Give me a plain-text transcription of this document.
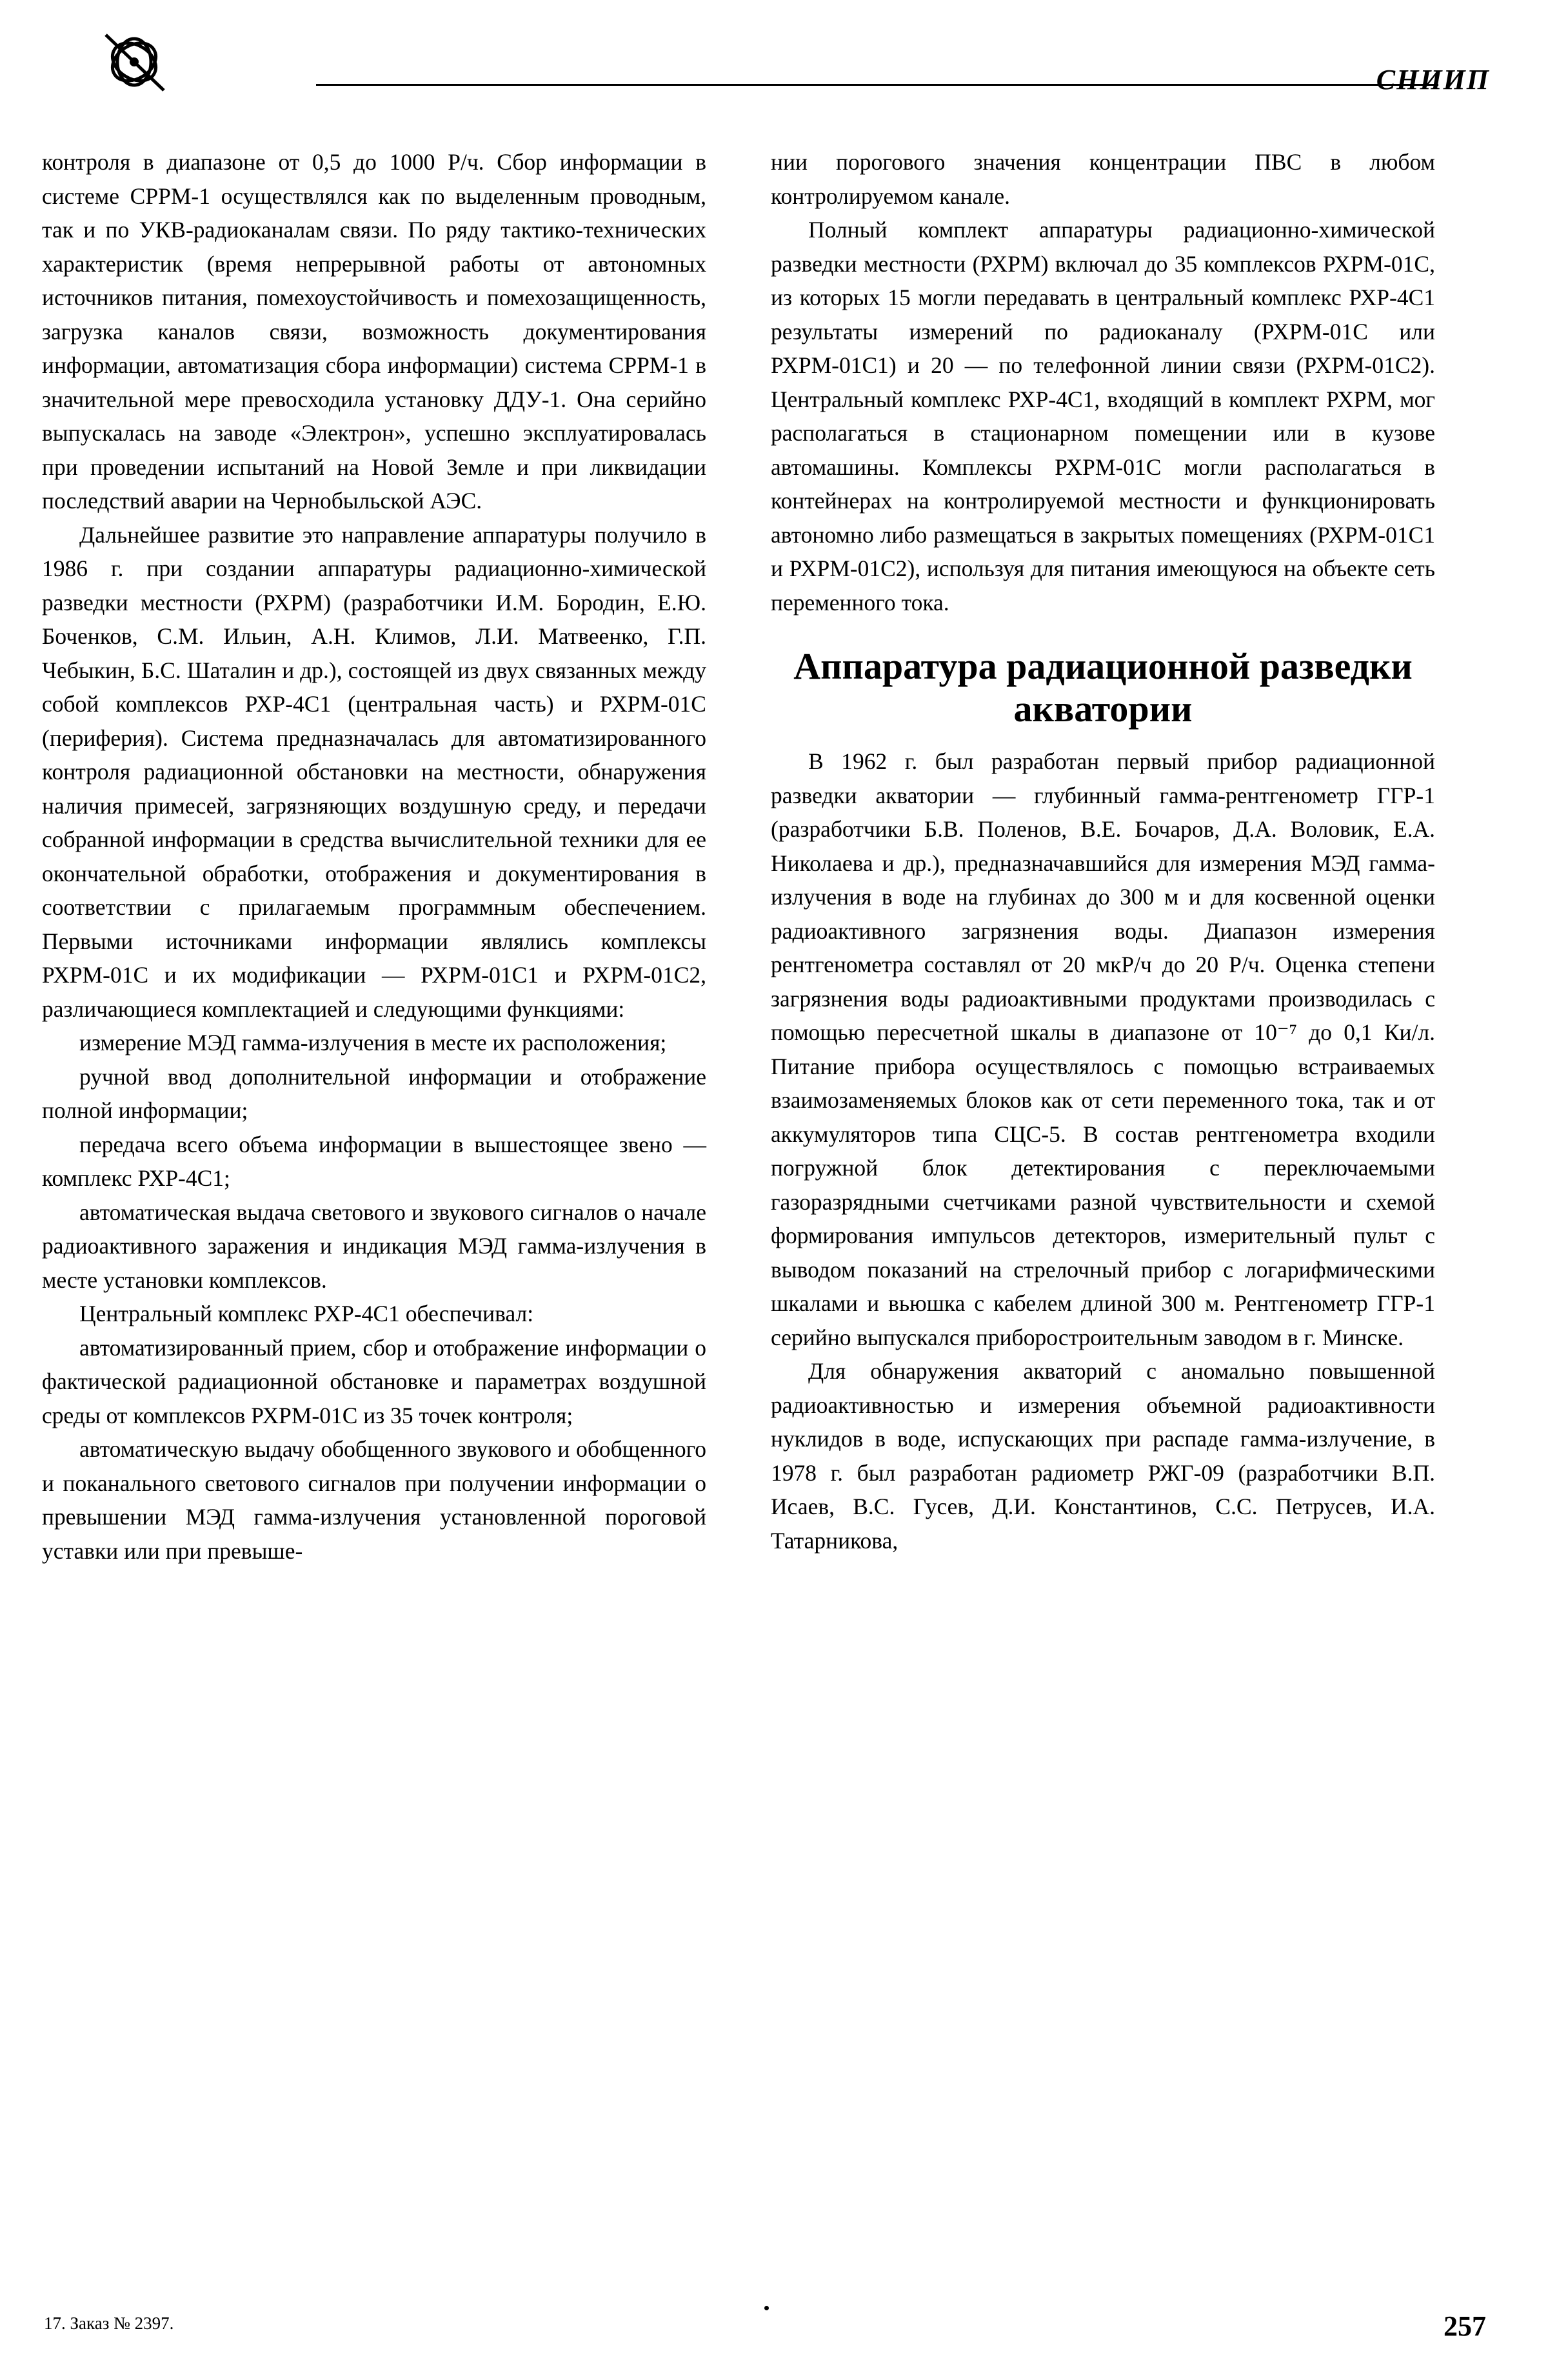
СНИИП

контроля в диапазоне от 0,5 до 1000 Р/ч. Сбор информации в системе СРРМ-1 осуществлялся как по выделенным проводным, так и по УКВ-радиоканалам связи. По ряду тактико-технических характеристик (время непрерывной работы от автономных источников питания, помехоустойчивость и помехозащищенность, загрузка каналов связи, возможность документирования информации, автоматизация сбора информации) система СРРМ-1 в значительной мере превосходила установку ДДУ-1. Она серийно выпускалась на заводе «Электрон», успешно эксплуатировалась при проведении испытаний на Новой Земле и при ликвидации последствий аварии на Чернобыльской АЭС.

Дальнейшее развитие это направление аппаратуры получило в 1986 г. при создании аппаратуры радиационно-химической разведки местности (РХРМ) (разработчики И.М. Бородин, Е.Ю. Боченков, С.М. Ильин, А.Н. Климов, Л.И. Матвеенко, Г.П. Чебыкин, Б.С. Шаталин и др.), состоящей из двух связанных между собой комплексов РХР-4С1 (центральная часть) и РХРМ-01С (периферия). Система предназначалась для автоматизированного контроля радиационной обстановки на местности, обнаружения наличия примесей, загрязняющих воздушную среду, и передачи собранной информации в средства вычислительной техники для ее окончательной обработки, отображения и документирования в соответствии с прилагаемым программным обеспечением. Первыми источниками информации являлись комплексы РХРМ-01С и их модификации — РХРМ-01С1 и РХРМ-01С2, различающиеся комплектацией и следующими функциями:

измерение МЭД гамма-излучения в месте их расположения;

ручной ввод дополнительной информации и отображение полной информации;

передача всего объема информации в вышестоящее звено — комплекс РХР-4С1;

автоматическая выдача светового и звукового сигналов о начале радиоактивного заражения и индикация МЭД гамма-излучения в месте установки комплексов.

Центральный комплекс РХР-4С1 обеспечивал:

автоматизированный прием, сбор и отображение информации о фактической радиационной обстановке и параметрах воздушной среды от комплексов РХРМ-01С из 35 точек контроля;

автоматическую выдачу обобщенного звукового и обобщенного и поканального светового сигналов при получении информации о превышении МЭД гамма-излучения установленной пороговой уставки или при превыше-

нии порогового значения концентрации ПВС в любом контролируемом канале.

Полный комплект аппаратуры радиационно-химической разведки местности (РХРМ) включал до 35 комплексов РХРМ-01С, из которых 15 могли передавать в центральный комплекс РХР-4С1 результаты измерений по радиоканалу (РХРМ-01С или РХРМ-01С1) и 20 — по телефонной линии связи (РХРМ-01С2). Центральный комплекс РХР-4С1, входящий в комплект РХРМ, мог располагаться в стационарном помещении или в кузове автомашины. Комплексы РХРМ-01С могли располагаться в контейнерах на контролируемой местности и функционировать автономно либо размещаться в закрытых помещениях (РХРМ-01С1 и РХРМ-01С2), используя для питания имеющуюся на объекте сеть переменного тока.

Аппаратура радиационной разведки акватории

В 1962 г. был разработан первый прибор радиационной разведки акватории — глубинный гамма-рентгенометр ГГР-1 (разработчики Б.В. Поленов, В.Е. Бочаров, Д.А. Воловик, Е.А. Николаева и др.), предназначавшийся для измерения МЭД гамма-излучения в воде на глубинах до 300 м и для косвенной оценки радиоактивного загрязнения воды. Диапазон измерения рентгенометра составлял от 20 мкР/ч до 20 Р/ч. Оценка степени загрязнения воды радиоактивными продуктами производилась с помощью пересчетной шкалы в диапазоне от 10⁻⁷ до 0,1 Ки/л. Питание прибора осуществлялось с помощью встраиваемых взаимозаменяемых блоков как от сети переменного тока, так и от аккумуляторов типа СЦС-5. В состав рентгенометра входили погружной блок детектирования с переключаемыми газоразрядными счетчиками разной чувствительности и схемой формирования импульсов детекторов, измерительный пульт с выводом показаний на стрелочный прибор с логарифмическими шкалами и вьюшка с кабелем длиной 300 м. Рентгенометр ГГР-1 серийно выпускался приборостроительным заводом в г. Минске.

Для обнаружения акваторий с аномально повышенной радиоактивностью и измерения объемной радиоактивности нуклидов в воде, испускающих при распаде гамма-излучение, в 1978 г. был разработан радиометр РЖГ-09 (разработчики В.П. Исаев, В.С. Гусев, Д.И. Константинов, С.С. Петрусев, И.А. Татарникова,

17. Заказ № 2397.	257
